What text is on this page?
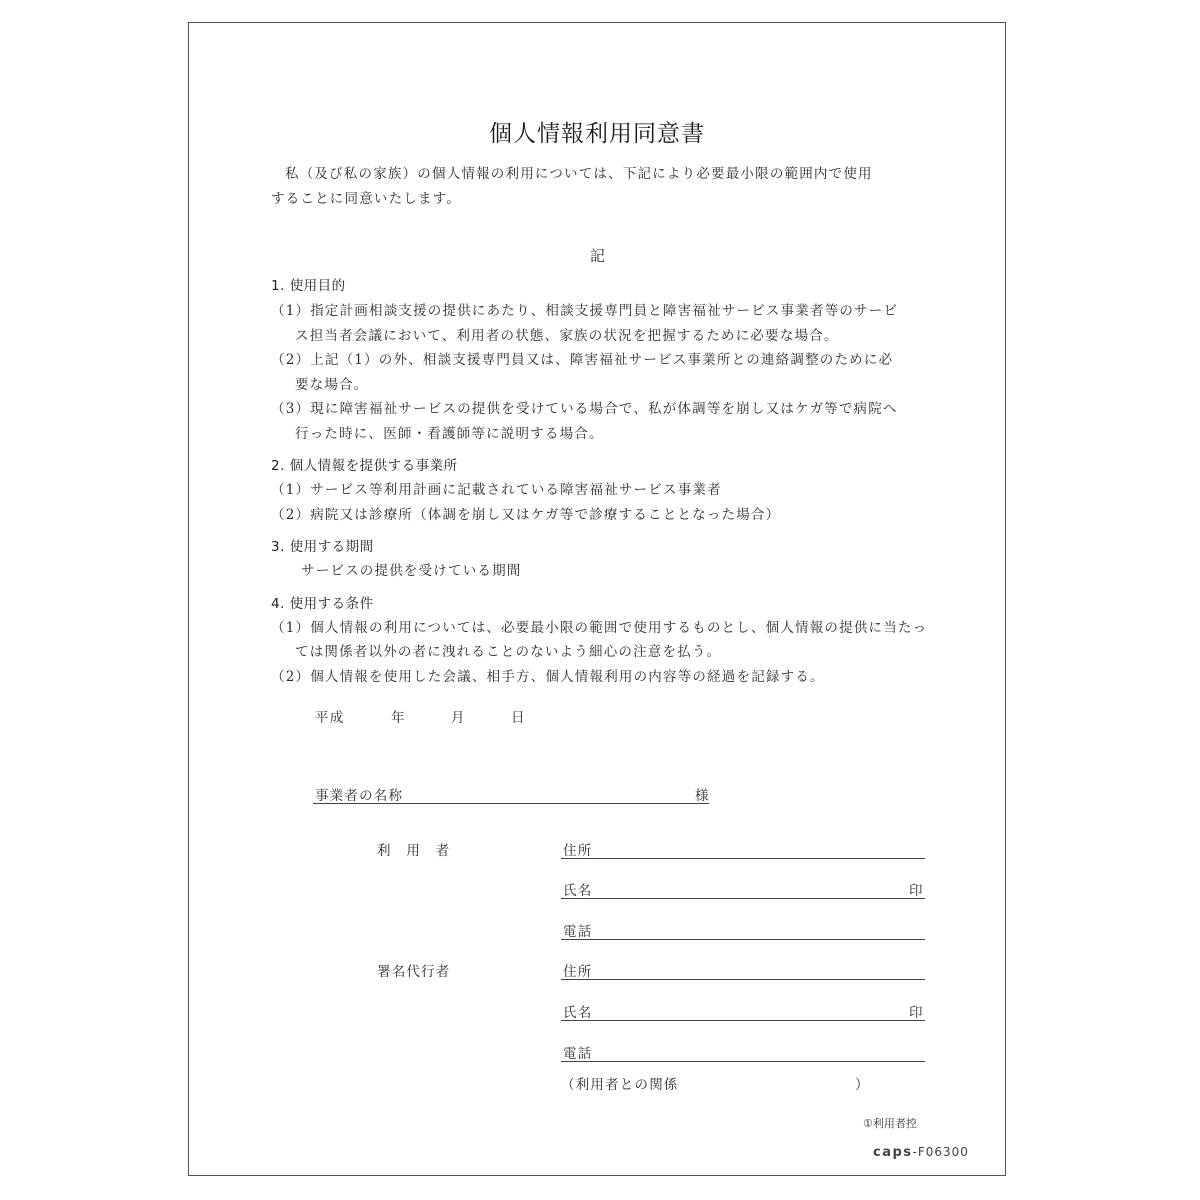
個人情報利用同意書
私（及び私の家族）の個人情報の利用については、下記により必要最小限の範囲内で使用
することに同意いたします。
記
1. 使用目的
（1）指定計画相談支援の提供にあたり、相談支援専門員と障害福祉サービス事業者等のサービ
ス担当者会議において、利用者の状態、家族の状況を把握するために必要な場合。
（2）上記（1）の外、相談支援専門員又は、障害福祉サービス事業所との連絡調整のために必
要な場合。
（3）現に障害福祉サービスの提供を受けている場合で、私が体調等を崩し又はケガ等で病院へ
行った時に、医師・看護師等に説明する場合。
2. 個人情報を提供する事業所
（1）サービス等利用計画に記載されている障害福祉サービス事業者
（2）病院又は診療所（体調を崩し又はケガ等で診療することとなった場合）
3. 使用する期間
サービスの提供を受けている期間
4. 使用する条件
（1）個人情報の利用については、必要最小限の範囲で使用するものとし、個人情報の提供に当たっ
ては関係者以外の者に洩れることのないよう細心の注意を払う。
（2）個人情報を使用した会議、相手方、個人情報利用の内容等の経過を記録する。
平成	年	月	日
事業者の名称	様
利　用　者	住所
氏名	印
電話
署名代行者	住所
氏名	印
電話
（利用者との関係	）
①利用者控
caps-F06300
